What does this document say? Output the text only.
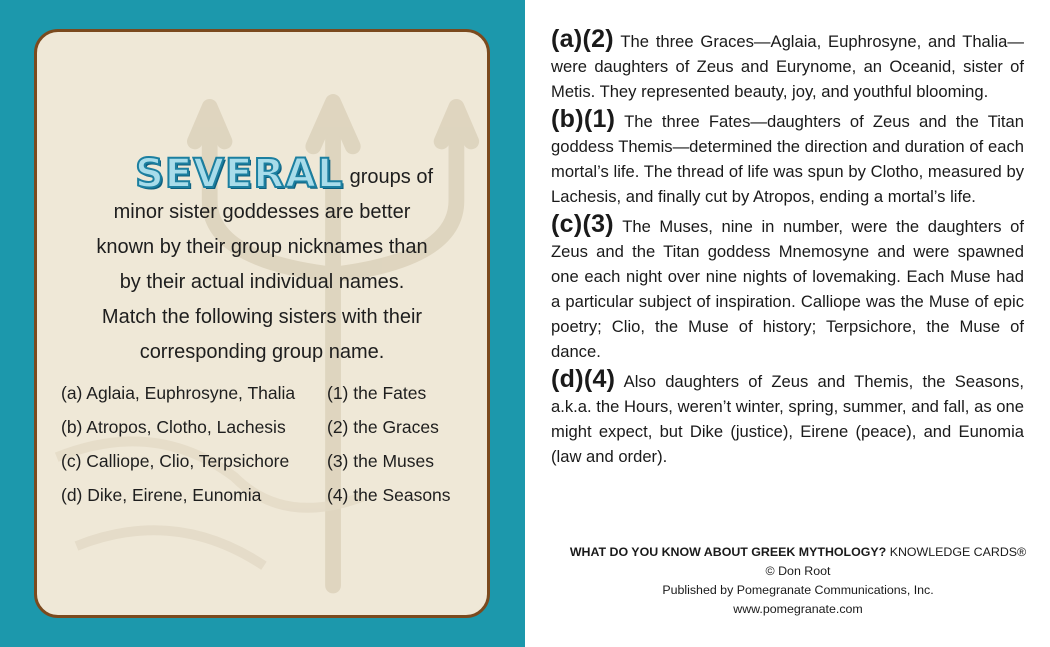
SEVERAL groups of
minor sister goddesses are better
known by their group nicknames than
by their actual individual names.
Match the following sisters with their
corresponding group name.
(a) Aglaia, Euphrosyne, Thalia (1) the Fates
(b) Atropos, Clotho, Lachesis (2) the Graces
(c) Calliope, Clio, Terpsichore (3) the Muses
(d) Dike, Eirene, Eunomia	(4) the Seasons

(a)(2) The three Graces—Aglaia, Euphrosyne, and Thalia—were daughters of Zeus and Eurynome, an Oceanid, sister of Metis. They represented beauty, joy, and youthful blooming.

(b)(1) The three Fates—daughters of Zeus and the Titan goddess Themis—determined the direction and duration of each mortal’s life. The thread of life was spun by Clotho, measured by Lachesis, and finally cut by Atropos, ending a mortal’s life.

(c)(3) The Muses, nine in number, were the daughters of Zeus and the Titan goddess Mnemosyne and were spawned one each night over nine nights of lovemaking. Each Muse had a particular subject of inspiration. Calliope was the Muse of epic poetry; Clio, the Muse of history; Terpsichore, the Muse of dance.

(d)(4) Also daughters of Zeus and Themis, the Seasons, a.k.a. the Hours, weren’t winter, spring, summer, and fall, as one might expect, but Dike (justice), Eirene (peace), and Eunomia (law and order).

WHAT DO YOU KNOW ABOUT GREEK MYTHOLOGY? KNOWLEDGE CARDS®
© Don Root
Published by Pomegranate Communications, Inc.
www.pomegranate.com
